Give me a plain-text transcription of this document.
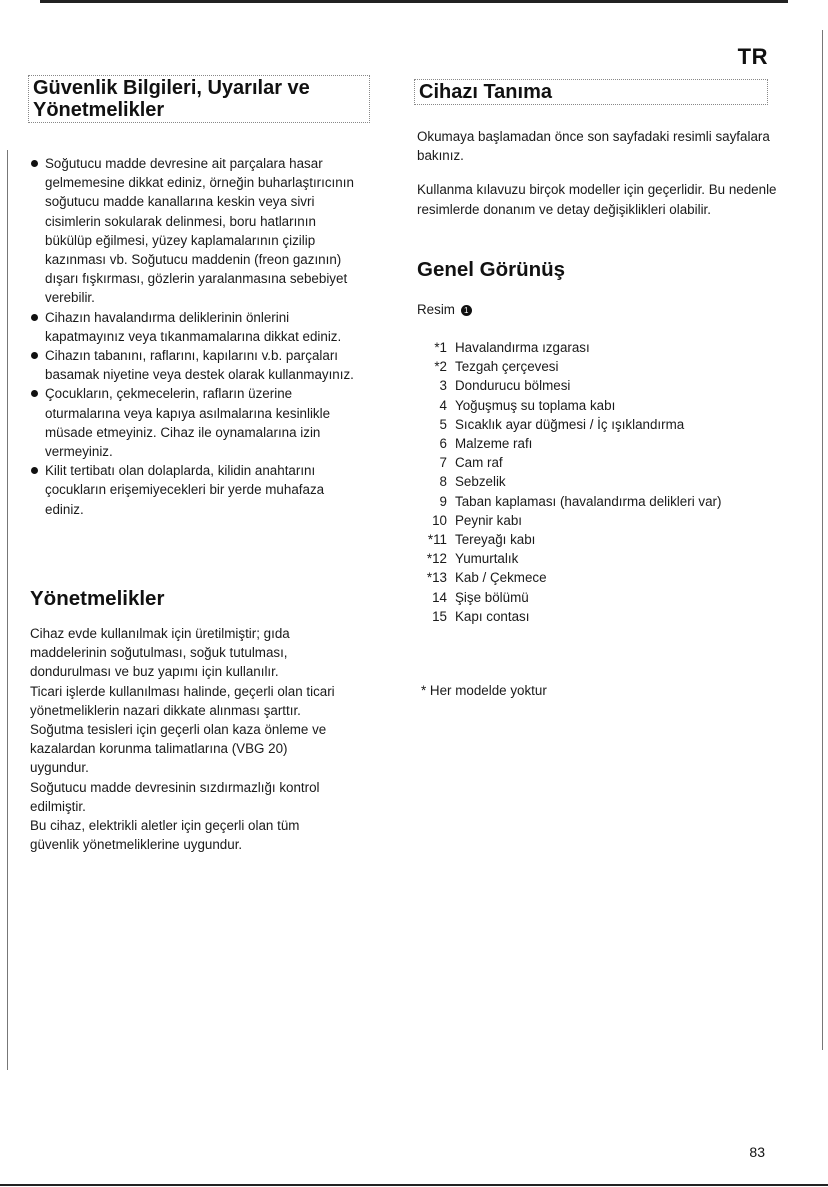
TR
Güvenlik Bilgileri, Uyarılar ve Yönetmelikler
Soğutucu madde devresine ait parçalara hasar gelmemesine dikkat ediniz, örneğin buharlaştırıcının soğutucu madde kanallarına keskin veya sivri cisimlerin sokularak delinmesi, boru hatlarının bükülüp eğilmesi, yüzey kaplamalarının çizilip kazınması vb. Soğutucu maddenin (freon gazının) dışarı fışkırması, gözlerin yaralanmasına sebebiyet verebilir.
Cihazın havalandırma deliklerinin önlerini kapatmayınız veya tıkanmamalarına dikkat ediniz.
Cihazın tabanını, raflarını, kapılarını v.b. parçaları basamak niyetine veya destek olarak kullanmayınız.
Çocukların, çekmecelerin, rafların üzerine oturmalarına veya kapıya asılmalarına kesinlikle müsade etmeyiniz. Cihaz ile oynamalarına izin vermeyiniz.
Kilit tertibatı olan dolaplarda, kilidin anahtarını çocukların erişemiyecekleri bir yerde muhafaza ediniz.
Yönetmelikler

Cihaz evde kullanılmak için üretilmiştir; gıda maddelerinin soğutulması, soğuk tutulması, dondurulması ve buz yapımı için kullanılır.

Ticari işlerde kullanılması halinde, geçerli olan ticari yönetmeliklerin nazari dikkate alınması şarttır.

Soğutma tesisleri için geçerli olan kaza önleme ve kazalardan korunma talimatlarına (VBG 20) uygundur.

Soğutucu madde devresinin sızdırmazlığı kontrol edilmiştir.

Bu cihaz, elektrikli aletler için geçerli olan tüm güvenlik yönetmeliklerine uygundur.

Cihazı Tanıma

Okumaya başlamadan önce son sayfadaki resimli sayfalara bakınız.

Kullanma kılavuzu birçok modeller için geçerlidir. Bu nedenle resimlerde donanım ve detay değişiklikleri olabilir.

Genel Görünüş
Resim 1
*1 Havalandırma ızgarası
*2 Tezgah çerçevesi
3 Dondurucu bölmesi
4 Yoğuşmuş su toplama kabı
5 Sıcaklık ayar düğmesi / İç ışıklandırma
6 Malzeme rafı
7 Cam raf
8 Sebzelik
9 Taban kaplaması (havalandırma delikleri var)
10 Peynir kabı
*11 Tereyağı kabı
*12 Yumurtalık
*13 Kab / Çekmece
14 Şişe bölümü
15 Kapı contası
* Her modelde yoktur
83
